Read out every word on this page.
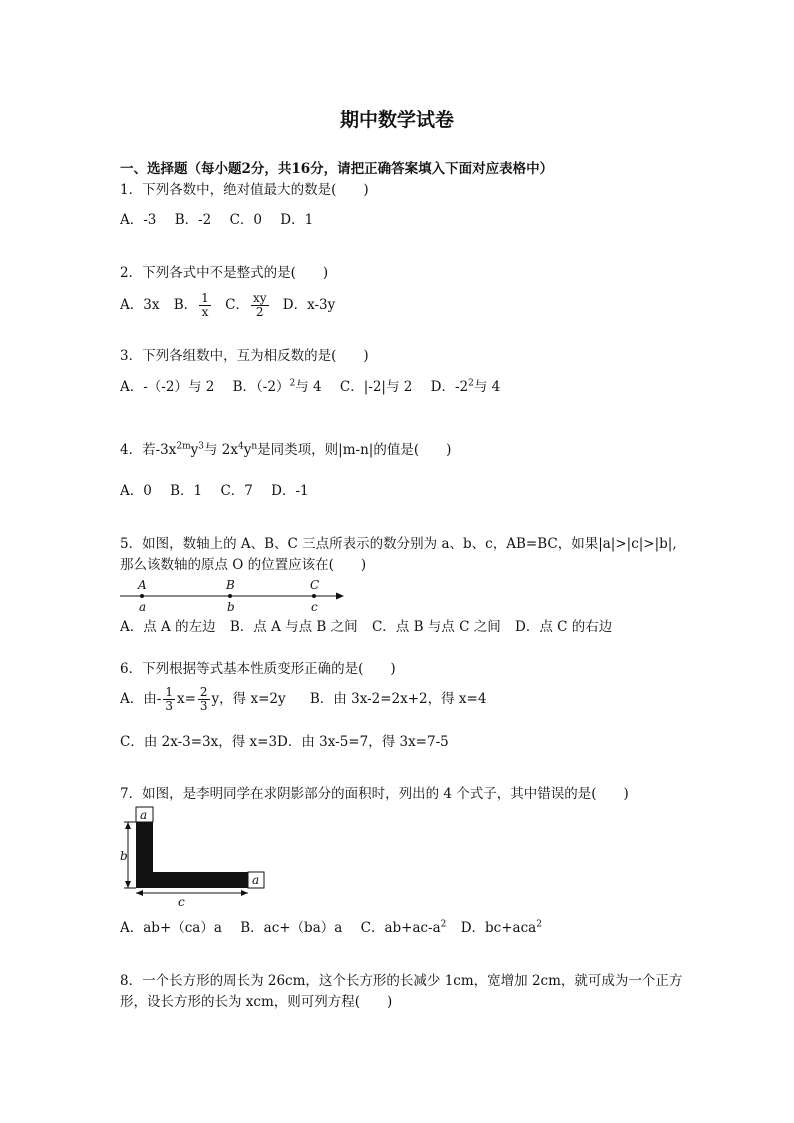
期中数学试卷
一、选择题（每小题2分，共16分，请把正确答案填入下面对应表格中）
1．下列各数中，绝对值最大的数是(　　)
A．-3 B．-2 C．0 D．1
2．下列各式中不是整式的是(　　)
A．3x B． $\frac{1}{x}$ C． $\frac{xy}{2}$ D．x-3y
3．下列各组数中，互为相反数的是(　　)
A．-（-2）与 2 B．$(-2)^2$与 4 C．|-2|与 2 D．$-2^2$与 4
4．若$-3x^{2m}y^3$与 $2x^4y^n$是同类项，则|m-n|的值是(　　)
A．0 B．1 C．7 D．-1
5．如图，数轴上的 A、B、C 三点所表示的数分别为 a、b、c，AB=BC，如果|a|>|c|>|b|,
那么该数轴的原点 O 的位置应该在(　　)
A	B	C
a	b	c
A．点 A 的左边 B．点 A 与点 B 之间 C．点 B 与点 C 之间 D．点 C 的右边
6．下列根据等式基本性质变形正确的是(　　)
A．由- $\frac{1}{3} x= \frac{2}{3}$ y，得 x=2y B．由 3x-2=2x+2，得 x=4
C．由 2x-3=3x，得 x=3D．由 3x-5=7，得 3x=7-5
7．如图，是李明同学在求阴影部分的面积时，列出的 4 个式子，其中错误的是(　　)
a
b
a
c
A．ab+（ca）a B．ac+（ba）a C．$ab+ac-a^2$ D．bc+aca$^2$
8．一个长方形的周长为 26cm，这个长方形的长减少 1cm，宽增加 2cm，就可成为一个正方
形，设长方形的长为 xcm，则可列方程(　　)
